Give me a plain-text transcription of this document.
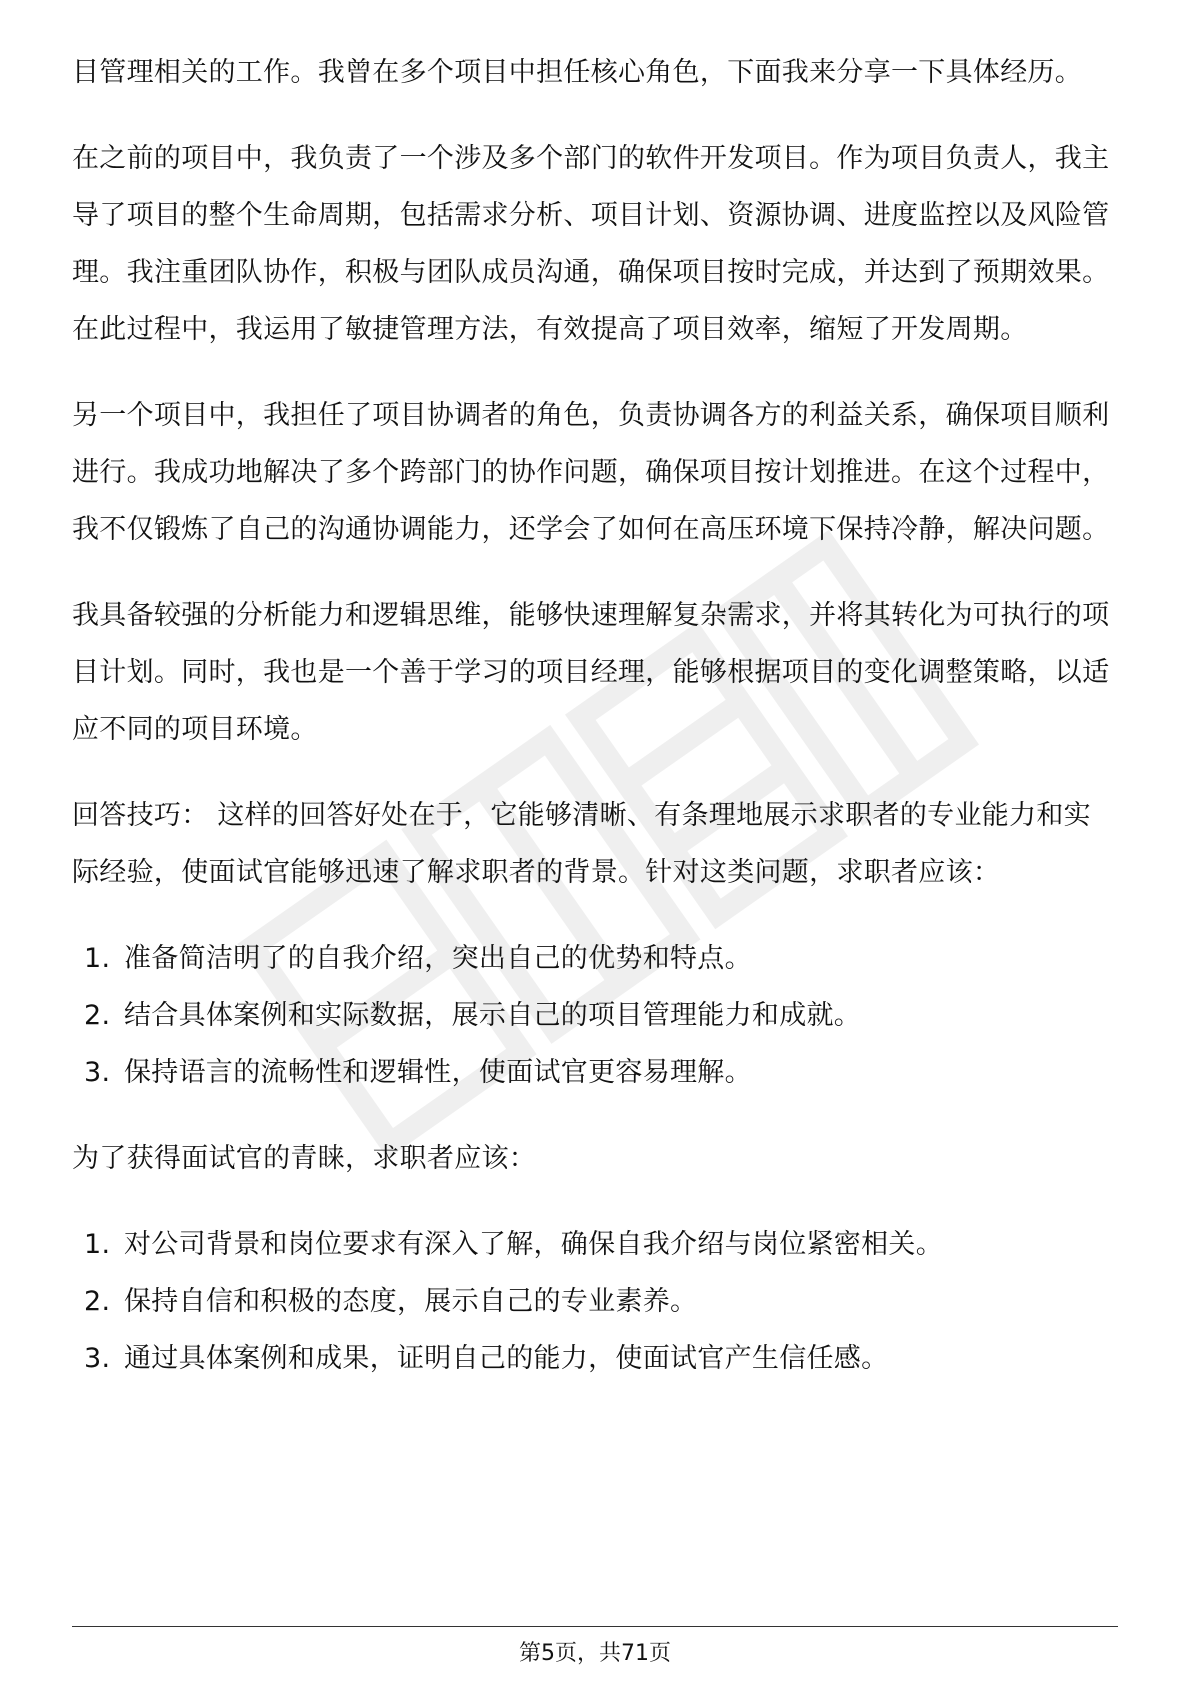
目管理相关的工作。我曾在多个项目中担任核心角色，下面我来分享一下具体经历。

在之前的项目中，我负责了一个涉及多个部门的软件开发项目。作为项目负责人，我主导了项目的整个生命周期，包括需求分析、项目计划、资源协调、进度监控以及风险管理。我注重团队协作，积极与团队成员沟通，确保项目按时完成，并达到了预期效果。在此过程中，我运用了敏捷管理方法，有效提高了项目效率，缩短了开发周期。

另一个项目中，我担任了项目协调者的角色，负责协调各方的利益关系，确保项目顺利进行。我成功地解决了多个跨部门的协作问题，确保项目按计划推进。在这个过程中，我不仅锻炼了自己的沟通协调能力，还学会了如何在高压环境下保持冷静，解决问题。

我具备较强的分析能力和逻辑思维，能够快速理解复杂需求，并将其转化为可执行的项目计划。同时，我也是一个善于学习的项目经理，能够根据项目的变化调整策略，以适应不同的项目环境。

回答技巧： 这样的回答好处在于，它能够清晰、有条理地展示求职者的专业能力和实际经验，使面试官能够迅速了解求职者的背景。针对这类问题，求职者应该：

1. 准备简洁明了的自我介绍，突出自己的优势和特点。
2. 结合具体案例和实际数据，展示自己的项目管理能力和成就。
3. 保持语言的流畅性和逻辑性，使面试官更容易理解。

为了获得面试官的青睐，求职者应该：

1. 对公司背景和岗位要求有深入了解，确保自我介绍与岗位紧密相关。
2. 保持自信和积极的态度，展示自己的专业素养。
3. 通过具体案例和成果，证明自己的能力，使面试官产生信任感。
第5页，共71页
